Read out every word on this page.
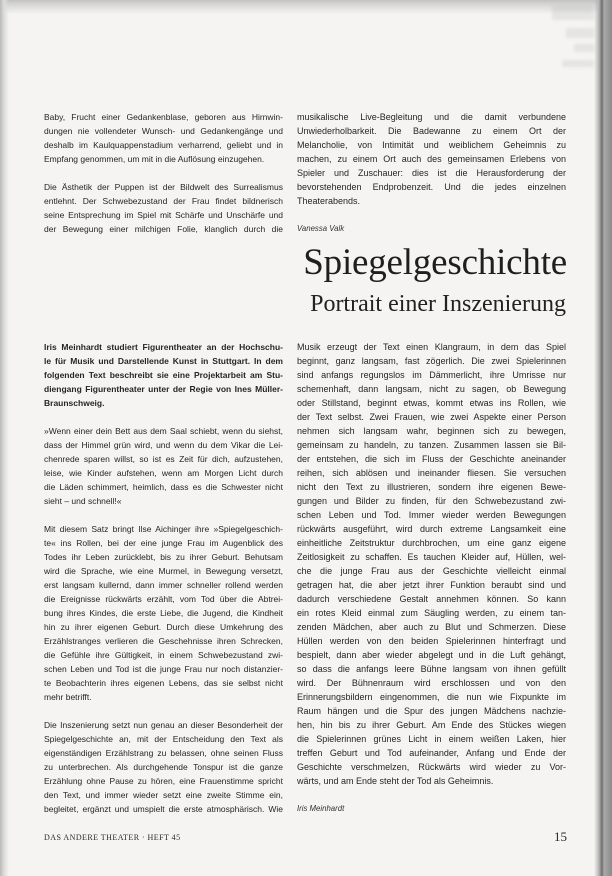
Baby, Frucht einer Gedankenblase, geboren aus Hirnwin-
dungen nie vollendeter Wunsch- und Gedankengänge und
deshalb im Kaulquappenstadium verharrend, geliebt und in
Empfang genommen, um mit in die Auflösung einzugehen.
Die Ästhetik der Puppen ist der Bildwelt des Surrealismus
entlehnt. Der Schwebezustand der Frau findet bildnerisch
seine Entsprechung im Spiel mit Schärfe und Unschärfe und
der Bewegung einer milchigen Folie, klanglich durch die
musikalische Live-Begleitung und die damit verbundene
Unwiederholbarkeit. Die Badewanne zu einem Ort der
Melancholie, von Intimität und weiblichem Geheimnis zu
machen, zu einem Ort auch des gemeinsamen Erlebens von
Spieler und Zuschauer: dies ist die Herausforderung der
bevorstehenden Endprobenzeit. Und die jedes einzelnen
Theaterabends.
Vanessa Valk
Spiegelgeschichte
Portrait einer Inszenierung
Iris Meinhardt studiert Figurentheater an der Hochschu-
le für Musik und Darstellende Kunst in Stuttgart. In dem
folgenden Text beschreibt sie eine Projektarbeit am Stu-
diengang Figurentheater unter der Regie von Ines Müller-
Braunschweig.
»Wenn einer dein Bett aus dem Saal schiebt, wenn du siehst,
dass der Himmel grün wird, und wenn du dem Vikar die Lei-
chenrede sparen willst, so ist es Zeit für dich, aufzustehen,
leise, wie Kinder aufstehen, wenn am Morgen Licht durch
die Läden schimmert, heimlich, dass es die Schwester nicht
sieht – und schnell!«
Mit diesem Satz bringt Ilse Aichinger ihre »Spiegelgeschich-
te« ins Rollen, bei der eine junge Frau im Augenblick des
Todes ihr Leben zurücklebt, bis zu ihrer Geburt. Behutsam
wird die Sprache, wie eine Murmel, in Bewegung versetzt,
erst langsam kullernd, dann immer schneller rollend werden
die Ereignisse rückwärts erzählt, vom Tod über die Abtrei-
bung ihres Kindes, die erste Liebe, die Jugend, die Kindheit
hin zu ihrer eigenen Geburt. Durch diese Umkehrung des
Erzählstranges verlieren die Geschehnisse ihren Schrecken,
die Gefühle ihre Gültigkeit, in einem Schwebezustand zwi-
schen Leben und Tod ist die junge Frau nur noch distanzier-
te Beobachterin ihres eigenen Lebens, das sie selbst nicht
mehr betrifft.
Die Inszenierung setzt nun genau an dieser Besonderheit der
Spiegelgeschichte an, mit der Entscheidung den Text als
eigenständigen Erzählstrang zu belassen, ohne seinen Fluss
zu unterbrechen. Als durchgehende Tonspur ist die ganze
Erzählung ohne Pause zu hören, eine Frauenstimme spricht
den Text, und immer wieder setzt eine zweite Stimme ein,
begleitet, ergänzt und umspielt die erste atmosphärisch. Wie
Musik erzeugt der Text einen Klangraum, in dem das Spiel
beginnt, ganz langsam, fast zögerlich. Die zwei Spielerinnen
sind anfangs regungslos im Dämmerlicht, ihre Umrisse nur
schemenhaft, dann langsam, nicht zu sagen, ob Bewegung
oder Stillstand, beginnt etwas, kommt etwas ins Rollen, wie
der Text selbst. Zwei Frauen, wie zwei Aspekte einer Person
nehmen sich langsam wahr, beginnen sich zu bewegen,
gemeinsam zu handeln, zu tanzen. Zusammen lassen sie Bil-
der entstehen, die sich im Fluss der Geschichte aneinander
reihen, sich ablösen und ineinander fliesen. Sie versuchen
nicht den Text zu illustrieren, sondern ihre eigenen Bewe-
gungen und Bilder zu finden, für den Schwebezustand zwi-
schen Leben und Tod. Immer wieder werden Bewegungen
rückwärts ausgeführt, wird durch extreme Langsamkeit eine
einheitliche Zeitstruktur durchbrochen, um eine ganz eigene
Zeitlosigkeit zu schaffen. Es tauchen Kleider auf, Hüllen, wel-
che die junge Frau aus der Geschichte vielleicht einmal
getragen hat, die aber jetzt ihrer Funktion beraubt sind und
dadurch verschiedene Gestalt annehmen können. So kann
ein rotes Kleid einmal zum Säugling werden, zu einem tan-
zenden Mädchen, aber auch zu Blut und Schmerzen. Diese
Hüllen werden von den beiden Spielerinnen hinterfragt und
bespielt, dann aber wieder abgelegt und in die Luft gehängt,
so dass die anfangs leere Bühne langsam von ihnen gefüllt
wird. Der Bühnenraum wird erschlossen und von den
Erinnerungsbildern eingenommen, die nun wie Fixpunkte im
Raum hängen und die Spur des jungen Mädchens nachzie-
hen, hin bis zu ihrer Geburt. Am Ende des Stückes wiegen
die Spielerinnen grünes Licht in einem weißen Laken, hier
treffen Geburt und Tod aufeinander, Anfang und Ende der
Geschichte verschmelzen, Rückwärts wird wieder zu Vor-
wärts, und am Ende steht der Tod als Geheimnis.
Iris Meinhardt
DAS ANDERE THEATER · HEFT 45	15
